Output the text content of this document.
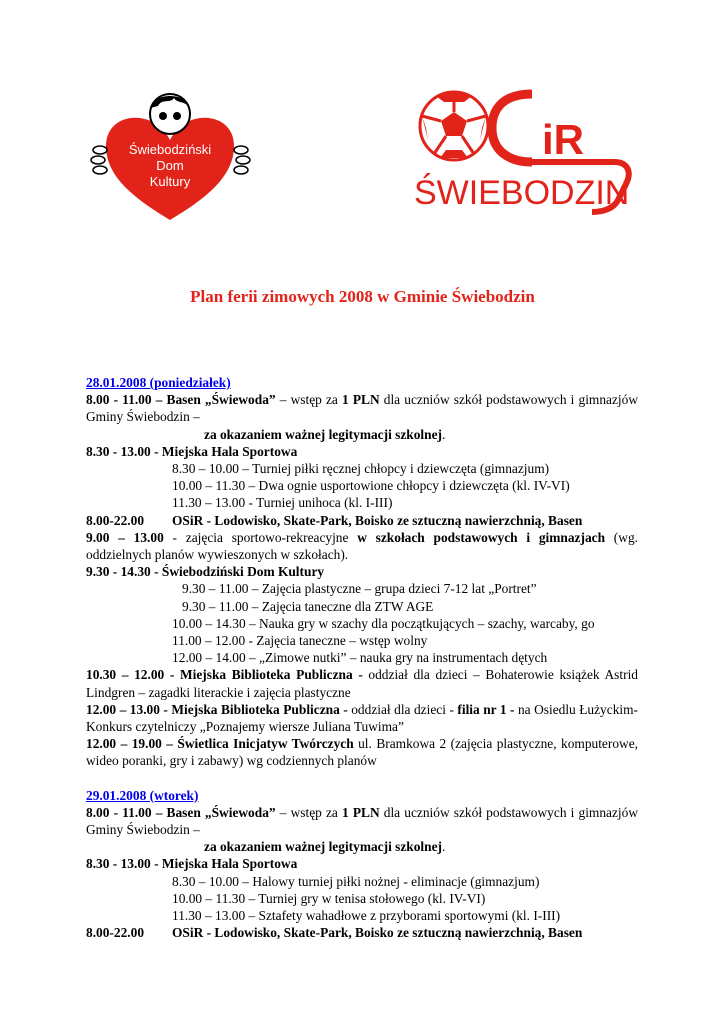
Świebodziński
Dom
Kultury
iR
ŚWIEBODZIN
Plan ferii zimowych 2008 w Gminie Świebodzin
28.01.2008 (poniedziałek)
8.00 - 11.00 – Basen „Świewoda” – wstęp za 1 PLN dla uczniów szkół podstawowych i gimnazjów Gminy Świebodzin –
za okazaniem ważnej legitymacji szkolnej.
8.30 - 13.00 - Miejska Hala Sportowa
8.30 – 10.00 – Turniej piłki ręcznej chłopcy i dziewczęta (gimnazjum)
10.00 – 11.30 – Dwa ognie usportowione chłopcy i dziewczęta (kl. IV-VI)
11.30 – 13.00 - Turniej unihoca (kl. I-III)
8.00-22.00 OSiR - Lodowisko, Skate-Park, Boisko ze sztuczną nawierzchnią, Basen
9.00 – 13.00 - zajęcia sportowo-rekreacyjne w szkołach podstawowych i gimnazjach (wg. oddzielnych planów wywieszonych w szkołach).
9.30 - 14.30 - Świebodziński Dom Kultury
9.30 – 11.00 – Zajęcia plastyczne – grupa dzieci 7-12 lat „Portret”
9.30 – 11.00 – Zajęcia taneczne dla ZTW AGE
10.00 – 14.30 – Nauka gry w szachy dla początkujących – szachy, warcaby, go
11.00 – 12.00 - Zajęcia taneczne – wstęp wolny
12.00 – 14.00 – „Zimowe nutki” – nauka gry na instrumentach dętych
10.30 – 12.00 - Miejska Biblioteka Publiczna - oddział dla dzieci – Bohaterowie książek Astrid Lindgren – zagadki literackie i zajęcia plastyczne
12.00 – 13.00 - Miejska Biblioteka Publiczna - oddział dla dzieci - filia nr 1 - na Osiedlu Łużyckim- Konkurs czytelniczy „Poznajemy wiersze Juliana Tuwima”
12.00 – 19.00 – Świetlica Inicjatyw Twórczych ul. Bramkowa 2 (zajęcia plastyczne, komputerowe, wideo poranki, gry i zabawy) wg codziennych planów
29.01.2008 (wtorek)
8.00 - 11.00 – Basen „Świewoda” – wstęp za 1 PLN dla uczniów szkół podstawowych i gimnazjów Gminy Świebodzin –
za okazaniem ważnej legitymacji szkolnej.
8.30 - 13.00 - Miejska Hala Sportowa
8.30 – 10.00 – Halowy turniej piłki nożnej - eliminacje (gimnazjum)
10.00 – 11.30 – Turniej gry w tenisa stołowego (kl. IV-VI)
11.30 – 13.00 – Sztafety wahadłowe z przyborami sportowymi (kl. I-III)
8.00-22.00 OSiR - Lodowisko, Skate-Park, Boisko ze sztuczną nawierzchnią, Basen
